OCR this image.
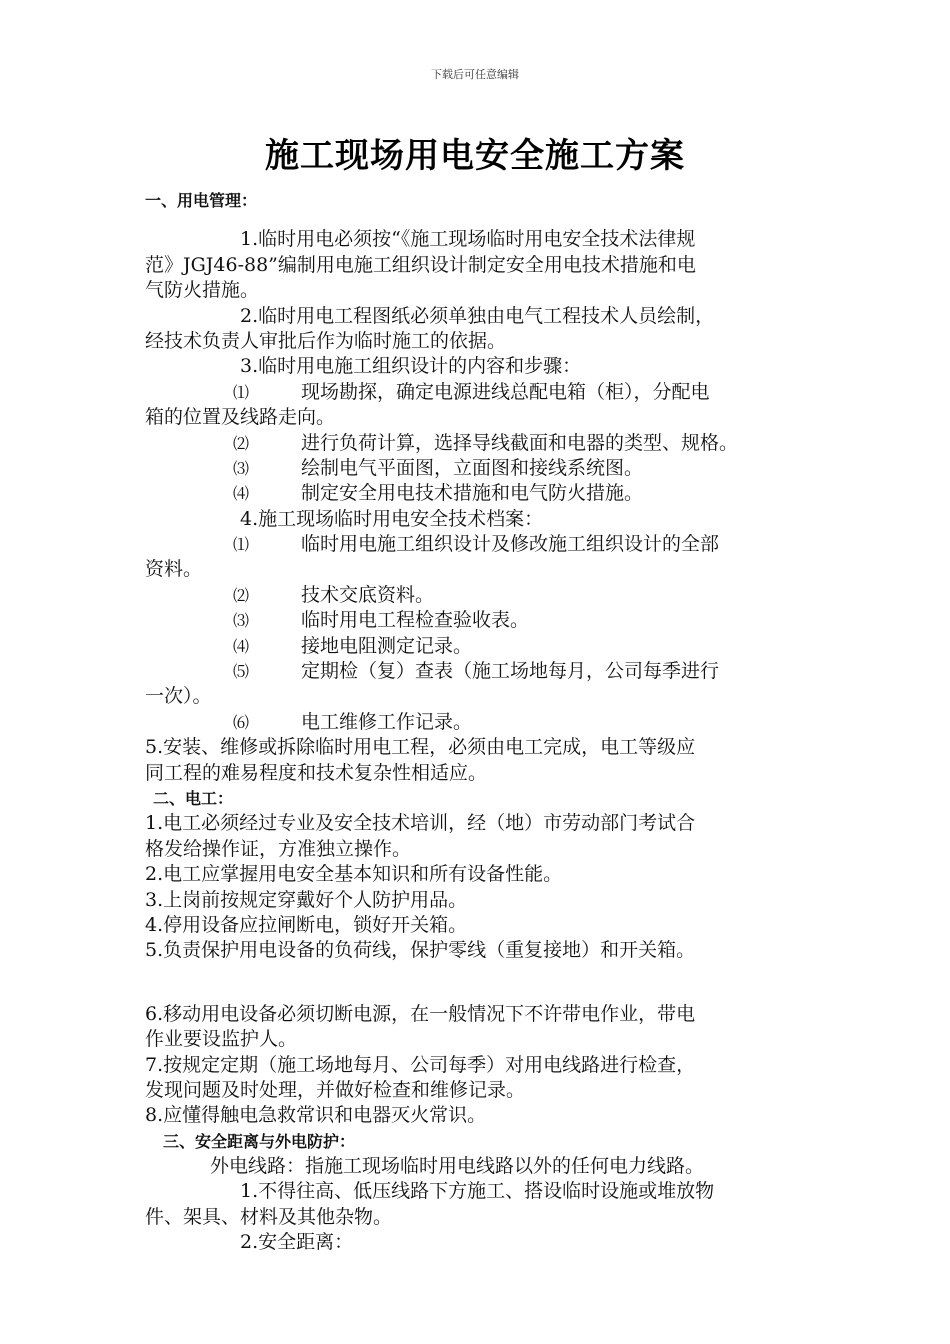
下载后可任意编辑
施工现场用电安全施工方案
一、用电管理：
1.临时用电必须按“《施工现场临时用电安全技术法律规
范》JGJ46-88”编制用电施工组织设计制定安全用电技术措施和电
气防火措施。
2.临时用电工程图纸必须单独由电气工程技术人员绘制，
经技术负责人审批后作为临时施工的依据。
3.临时用电施工组织设计的内容和步骤：
⑴	现场勘探，确定电源进线总配电箱（柜），分配电
箱的位置及线路走向。
⑵	进行负荷计算，选择导线截面和电器的类型、规格。
⑶	绘制电气平面图，立面图和接线系统图。
⑷	制定安全用电技术措施和电气防火措施。
4.施工现场临时用电安全技术档案：
⑴	临时用电施工组织设计及修改施工组织设计的全部
资料。
⑵	技术交底资料。
⑶	临时用电工程检查验收表。
⑷	接地电阻测定记录。
⑸	定期检（复）查表（施工场地每月，公司每季进行
一次）。
⑹	电工维修工作记录。
5.安装、维修或拆除临时用电工程，必须由电工完成，电工等级应
同工程的难易程度和技术复杂性相适应。
二、电工：
1.电工必须经过专业及安全技术培训，经（地）市劳动部门考试合
格发给操作证，方准独立操作。
2.电工应掌握用电安全基本知识和所有设备性能。
3.上岗前按规定穿戴好个人防护用品。
4.停用设备应拉闸断电，锁好开关箱。
5.负责保护用电设备的负荷线，保护零线（重复接地）和开关箱。
6.移动用电设备必须切断电源，在一般情况下不许带电作业，带电
作业要设监护人。
7.按规定定期（施工场地每月、公司每季）对用电线路进行检查，
发现问题及时处理，并做好检查和维修记录。
8.应懂得触电急救常识和电器灭火常识。
三、安全距离与外电防护：
外电线路：指施工现场临时用电线路以外的任何电力线路。
1.不得往高、低压线路下方施工、搭设临时设施或堆放物
件、架具、材料及其他杂物。
2.安全距离：
